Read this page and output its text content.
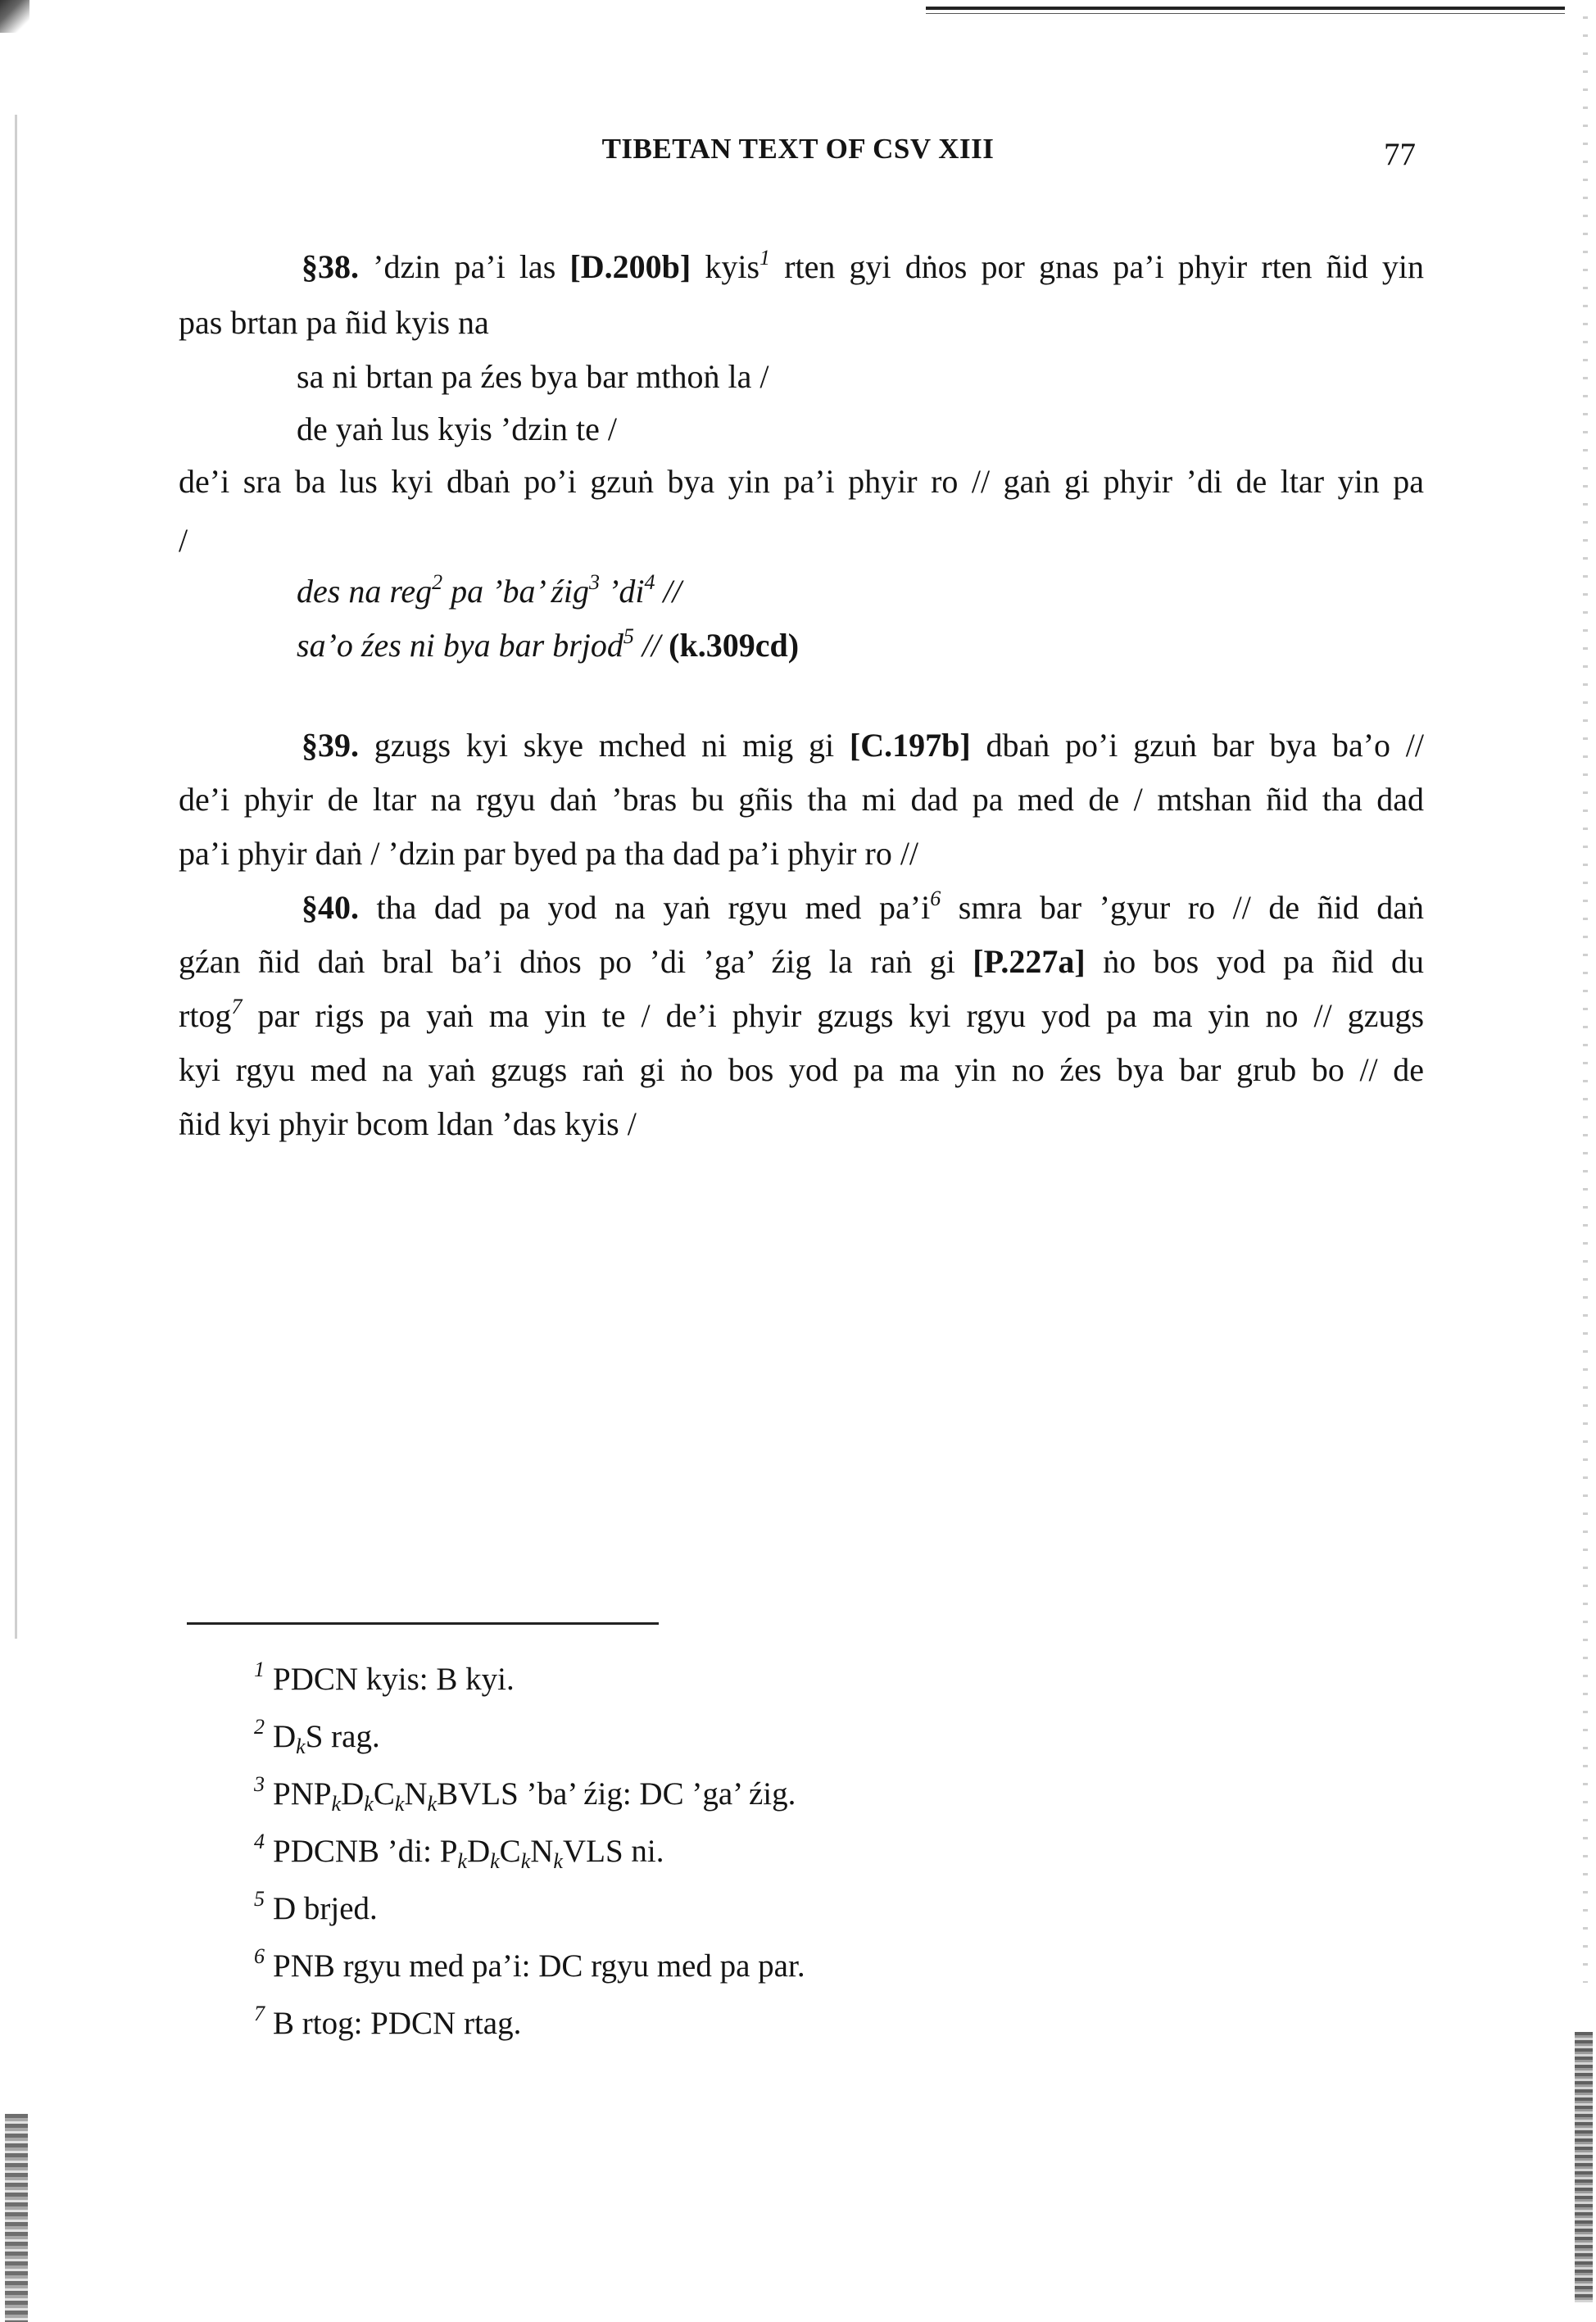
TIBETAN TEXT OF CSV XIII	77
§38. ’dzin pa’i las [D.200b] kyis$^1$ rten gyi dṅos por gnas pa’i phyir rten ñid yin
pas brtan pa ñid kyis na
sa ni brtan pa źes bya bar mthoṅ la /
de yaṅ lus kyis ’dzin te /
de’i sra ba lus kyi dbaṅ po’i gzuṅ bya yin pa’i phyir ro // gaṅ gi phyir ’di de ltar yin pa
/
des na reg$^2$ pa ’ba’ źig$^3$ $’di^4$ //
sa’o źes ni bya bar brjod$^5$ // (k.309cd)
§39. gzugs kyi skye mched ni mig gi [C.197b] dbaṅ po’i gzuṅ bar bya ba’o //
de’i phyir de ltar na rgyu daṅ ’bras bu gñis tha mi dad pa med de / mtshan ñid tha dad
pa’i phyir daṅ / ’dzin par byed pa tha dad pa’i phyir ro //
§40. tha dad pa yod na yaṅ rgyu med $pa’i^6$ smra bar ’gyur ro // de ñid daṅ
gźan ñid daṅ bral ba’i dṅos po ’di ’ga’ źig la raṅ gi [P.227a] ṅo bos yod pa ñid du
rtog$^7$ par rigs pa yaṅ ma yin te / de’i phyir gzugs kyi rgyu yod pa ma yin no // gzugs
kyi rgyu med na yaṅ gzugs raṅ gi ṅo bos yod pa ma yin no źes bya bar grub bo // de
ñid kyi phyir bcom ldan ’das kyis /
$^1$ PDCN kyis: B kyi.
$^2$ $D_kS$ rag.
$^3$ $PNP_kD_kC_kN_kBVLS$ ’ba’ źig: DC ’ga’ źig.
$^4$ PDCNB ’di: $P_kD_kC_kN_kVLS$ ni.
$^5$ D brjed.
$^6$ PNB rgyu med pa’i: DC rgyu med pa par.
$^7$ B rtog: PDCN rtag.
